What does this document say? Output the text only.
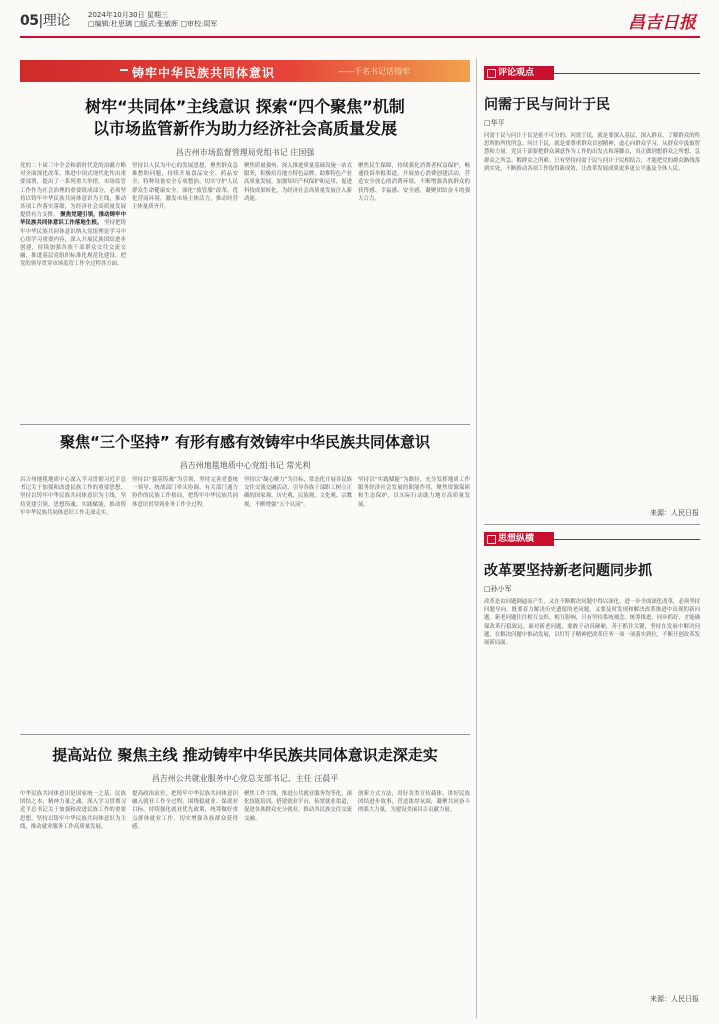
05|理论	2024年10月30日 星期三
□编辑:杜思璃 □版式:张敏晖 □审校:周军	昌吉日报
铸牢中华民族共同体意识	——千名书记话铸牢
树牢“共同体”主线意识 探索“四个聚焦”机制
以市场监管新作为助力经济社会高质量发展
昌吉州市场监督管理局党组书记 庄国强
党的二十届三中全会和新时代党的治疆方略对全面深化改革、推进中国式现代化作出重要部署，提出了一系列重大举措。市场监管工作作为社会治理的重要组成部分，必须坚持以铸牢中华民族共同体意识为主线，推动各项工作落实落细，为经济社会高质量发展提供有力支撑。 聚焦党建引领，推动铸牢中华民族共同体意识工作落地生根。 坚持把铸牢中华民族共同体意识纳入党组理论学习中心组学习重要内容，深入开展民族团结进步创建，持续加强各族干部群众交往交流交融，推进基层党组织标准化规范化建设，把党的领导贯穿市场监管工作全过程各方面。
坚持以人民为中心的发展思想，聚焦群众急难愁盼问题，持续开展食品安全、药品安全、特种设备安全专项整治，切实守护人民群众生命健康安全。深化“放管服”改革，优化营商环境，激发市场主体活力，推动经营主体量质齐升。
聚焦质量强州，深入推进质量基础设施一站式服务，积极培育地方特色品牌，助推特色产业高质量发展。加强知识产权保护和运用，促进科技成果转化，为经济社会高质量发展注入新动能。
聚焦民生保障，持续强化消费者权益保护，畅通投诉举报渠道，开展放心消费创建活动，营造安全放心的消费环境，不断增强各族群众的获得感、幸福感、安全感，凝聚团结奋斗的强大合力。
聚焦“三个坚持” 有形有感有效铸牢中华民族共同体意识
昌吉州地毯地质中心党组书记 常光利
昌吉州地毯地质中心深入学习贯彻习近平总书记关于加强和改进民族工作的重要思想，坚持以铸牢中华民族共同体意识为主线，坚持党建引领、思想铸魂、实践赋能，推动铸牢中华民族共同体意识工作走深走实。
坚持以“强基铸魂”为引领，坚持完善党委统一领导、统战部门牵头协调、有关部门通力协作的民族工作格局，把铸牢中华民族共同体意识贯穿到业务工作全过程。
坚持以“凝心聚力”为目标，常态化开展各民族交往交流交融活动，引导各族干部职工树立正确的国家观、历史观、民族观、文化观、宗教观，不断增强“五个认同”。
坚持以“实践赋能”为路径，充分发挥地质工作服务经济社会发展的职能作用，聚焦资源保障和生态保护，以实际行动助力地方高质量发展。
提高站位 聚焦主线 推动铸牢中华民族共同体意识走深走实
昌吉州公共就业服务中心党总支部书记、主任 汪晨平
中华民族共同体意识是国家统一之基、民族团结之本、精神力量之魂。深入学习贯彻习近平总书记关于加强和改进民族工作的重要思想，坚持以铸牢中华民族共同体意识为主线，推动就业服务工作高质量发展。
提高政治站位，把铸牢中华民族共同体意识融入就业工作全过程，围绕稳就业、保就业目标，持续强化就业优先政策，统筹做好重点群体就业工作，切实增强各族群众获得感。
聚焦工作主线，推进公共就业服务均等化，深化技能培训，搭建就业平台，拓宽就业渠道，促进各族群众充分就业，推动各民族交往交流交融。
创新方式方法，用好各类宣传载体，讲好民族团结进步故事，营造浓厚氛围，凝聚共同奋斗的强大力量，为建设美丽昌吉贡献力量。
评论观点
问需于民与问计于民
□华平
问需于民与问计于民是密不可分的。问需于民，就是要深入基层、深入群众，了解群众的所思所盼所忧所急；问计于民，就是要尊重群众首创精神，虚心向群众学习，从群众中汲取智慧和力量。党员干部要把群众满意作为工作的出发点和落脚点，真正做到想群众之所想、急群众之所急、解群众之所难。只有坚持问需于民与问计于民相结合，才能把党的群众路线落到实处，不断推动各项工作取得新成效，让改革发展成果更多更公平惠及全体人民。
来源：人民日报
思想纵横
改革要坚持新老问题同步抓
□孙小军
改革是由问题倒逼而产生，又在不断解决问题中得以深化。进一步全面深化改革，必须坚持问题导向，既要着力解决历史遗留的老问题，又要及时发现和解决改革推进中出现的新问题。新老问题往往相互交织、相互影响，只有坚持系统观念，统筹推进、同步抓好，才能确保改革行稳致远。面对新老问题，要敢于动真碰硬，善于抓住关键，坚持在发展中解决问题、在解决问题中推动发展，以钉钉子精神把改革任务一项一项落实到位，不断开创改革发展新局面。
来源：人民日报
